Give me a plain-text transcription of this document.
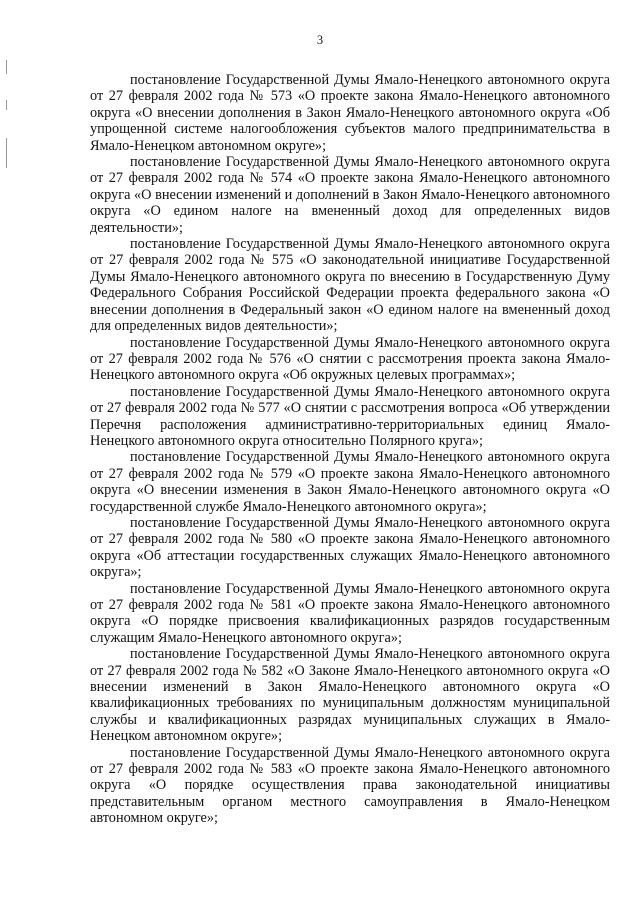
3

постановление Государственной Думы Ямало-Ненецкого автономного округа от 27 февраля 2002 года № 573 «О проекте закона Ямало-Ненецкого автономного округа «О внесении дополнения в Закон Ямало-Ненецкого автономного округа «Об упрощенной системе налогообложения субъектов малого предпринимательства в Ямало-Ненецком автономном округе»;

постановление Государственной Думы Ямало-Ненецкого автономного округа от 27 февраля 2002 года № 574 «О проекте закона Ямало-Ненецкого автономного округа «О внесении изменений и дополнений в Закон Ямало-Ненецкого автономного округа «О едином налоге на вмененный доход для определенных видов деятельности»;

постановление Государственной Думы Ямало-Ненецкого автономного округа от 27 февраля 2002 года № 575 «О законодательной инициативе Государственной Думы Ямало-Ненецкого автономного округа по внесению в Государственную Думу Федерального Собрания Российской Федерации проекта федерального закона «О внесении дополнения в Федеральный закон «О едином налоге на вмененный доход для определенных видов деятельности»;

постановление Государственной Думы Ямало-Ненецкого автономного округа от 27 февраля 2002 года № 576 «О снятии с рассмотрения проекта закона Ямало-Ненецкого автономного округа «Об окружных целевых программах»;

постановление Государственной Думы Ямало-Ненецкого автономного округа от 27 февраля 2002 года № 577 «О снятии с рассмотрения вопроса «Об утверждении Перечня расположения административно-территориальных единиц Ямало-Ненецкого автономного округа относительно Полярного круга»;

постановление Государственной Думы Ямало-Ненецкого автономного округа от 27 февраля 2002 года № 579 «О проекте закона Ямало-Ненецкого автономного округа «О внесении изменения в Закон Ямало-Ненецкого автономного округа «О государственной службе Ямало-Ненецкого автономного округа»;

постановление Государственной Думы Ямало-Ненецкого автономного округа от 27 февраля 2002 года № 580 «О проекте закона Ямало-Ненецкого автономного округа «Об аттестации государственных служащих Ямало-Ненецкого автономного округа»;

постановление Государственной Думы Ямало-Ненецкого автономного округа от 27 февраля 2002 года № 581 «О проекте закона Ямало-Ненецкого автономного округа «О порядке присвоения квалификационных разрядов государственным служащим Ямало-Ненецкого автономного округа»;

постановление Государственной Думы Ямало-Ненецкого автономного округа от 27 февраля 2002 года № 582 «О Законе Ямало-Ненецкого автономного округа «О внесении изменений в Закон Ямало-Ненецкого автономного округа «О квалификационных требованиях по муниципальным должностям муниципальной службы и квалификационных разрядах муниципальных служащих в Ямало-Ненецком автономном округе»;

постановление Государственной Думы Ямало-Ненецкого автономного округа от 27 февраля 2002 года № 583 «О проекте закона Ямало-Ненецкого автономного округа «О порядке осуществления права законодательной инициативы представительным органом местного самоуправления в Ямало-Ненецком автономном округе»;
